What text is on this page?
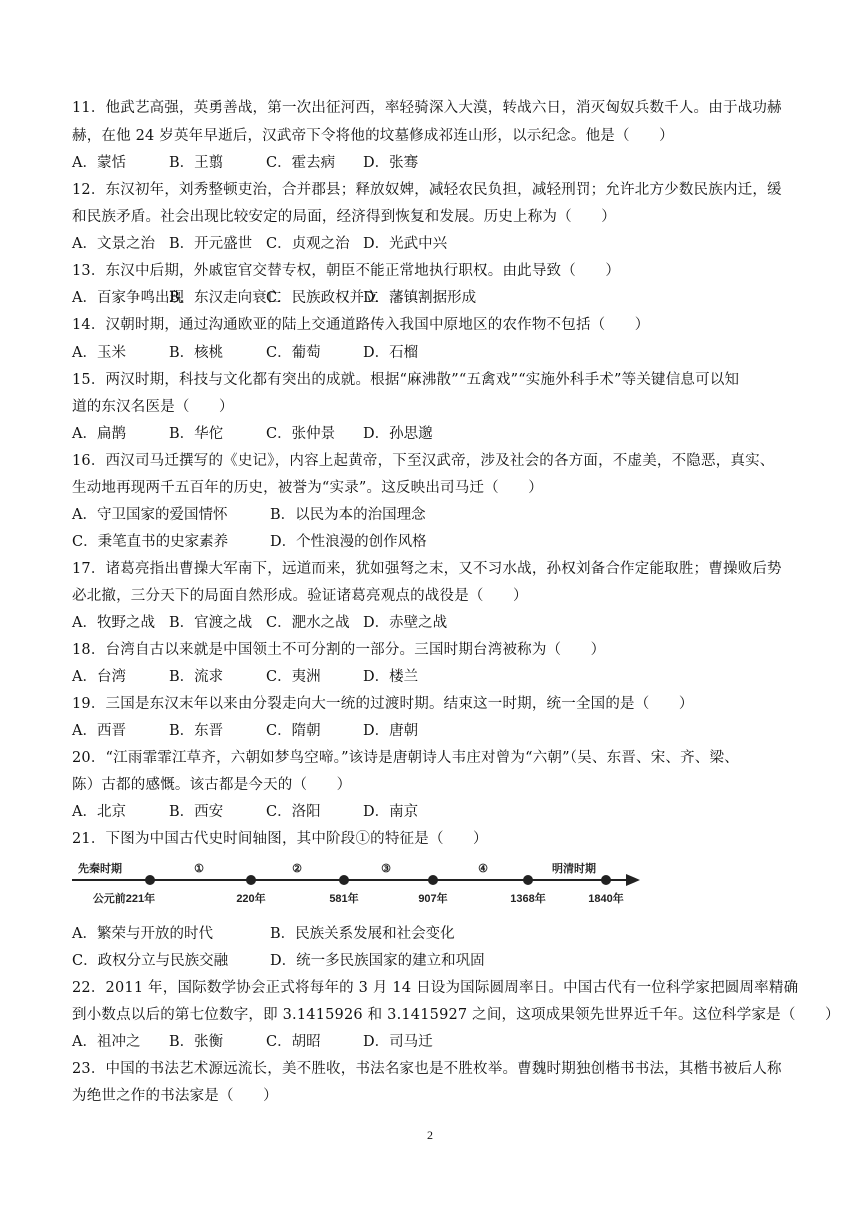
11．他武艺高强，英勇善战，第一次出征河西，率轻骑深入大漠，转战六日，消灭匈奴兵数千人。由于战功赫
赫，在他 24 岁英年早逝后，汉武帝下令将他的坟墓修成祁连山形，以示纪念。他是（　　）
A．蒙恬	B．王翦	C．霍去病 D．张骞
12．东汉初年，刘秀整顿吏治，合并郡县；释放奴婢，减轻农民负担，减轻刑罚；允许北方少数民族内迁，缓
和民族矛盾。社会出现比较安定的局面，经济得到恢复和发展。历史上称为（　　）
A．文景之治 B．开元盛世 C．贞观之治 D．光武中兴
13．东汉中后期，外戚宦官交替专权，朝臣不能正常地执行职权。由此导致（　　）
A．百家争鸣出现B．东汉走向衰亡C．民族政权并立D．藩镇割据形成
14．汉朝时期，通过沟通欧亚的陆上交通道路传入我国中原地区的农作物不包括（　　）
A．玉米	B．核桃	C．葡萄	D．石榴
15．两汉时期，科技与文化都有突出的成就。根据“麻沸散”“五禽戏”“实施外科手术”等关键信息可以知
道的东汉名医是（　　）
A．扁鹊	B．华佗	C．张仲景 D．孙思邈
16．西汉司马迁撰写的《史记》，内容上起黄帝，下至汉武帝，涉及社会的各方面，不虚美，不隐恶，真实、
生动地再现两千五百年的历史，被誉为“实录”。这反映出司马迁（　　）
A．守卫国家的爱国情怀	B．以民为本的治国理念
C．秉笔直书的史家素养	D．个性浪漫的创作风格
17．诸葛亮指出曹操大军南下，远道而来，犹如强弩之末，又不习水战，孙权刘备合作定能取胜；曹操败后势
必北撤，三分天下的局面自然形成。验证诸葛亮观点的战役是（　　）
A．牧野之战 B．官渡之战 C．淝水之战 D．赤壁之战
18．台湾自古以来就是中国领土不可分割的一部分。三国时期台湾被称为（　　）
A．台湾	B．流求	C．夷洲	D．楼兰
19．三国是东汉末年以来由分裂走向大一统的过渡时期。结束这一时期，统一全国的是（　　）
A．西晋	B．东晋	C．隋朝	D．唐朝
20．“江雨霏霏江草齐，六朝如梦鸟空啼。”该诗是唐朝诗人韦庄对曾为“六朝”（吴、东晋、宋、齐、梁、
陈）古都的感慨。该古都是今天的（　　）
A．北京	B．西安	C．洛阳	D．南京
21．下图为中国古代史时间轴图，其中阶段①的特征是（　　）
A．繁荣与开放的时代	B．民族关系发展和社会变化
C．政权分立与民族交融	D．统一多民族国家的建立和巩固
22．2011 年，国际数学协会正式将每年的 3 月 14 日设为国际圆周率日。中国古代有一位科学家把圆周率精确
到小数点以后的第七位数字，即 3.1415926 和 3.1415927 之间，这项成果领先世界近千年。这位科学家是（　　）
A．祖冲之 B．张衡	C．胡昭	D．司马迁
23．中国的书法艺术源远流长，美不胜收，书法名家也是不胜枚举。曹魏时期独创楷书书法，其楷书被后人称
为绝世之作的书法家是（　　）
先秦时期	①	②	③	④	明清时期
公元前221年	220年	581年	907年	1368年	1840年
2
